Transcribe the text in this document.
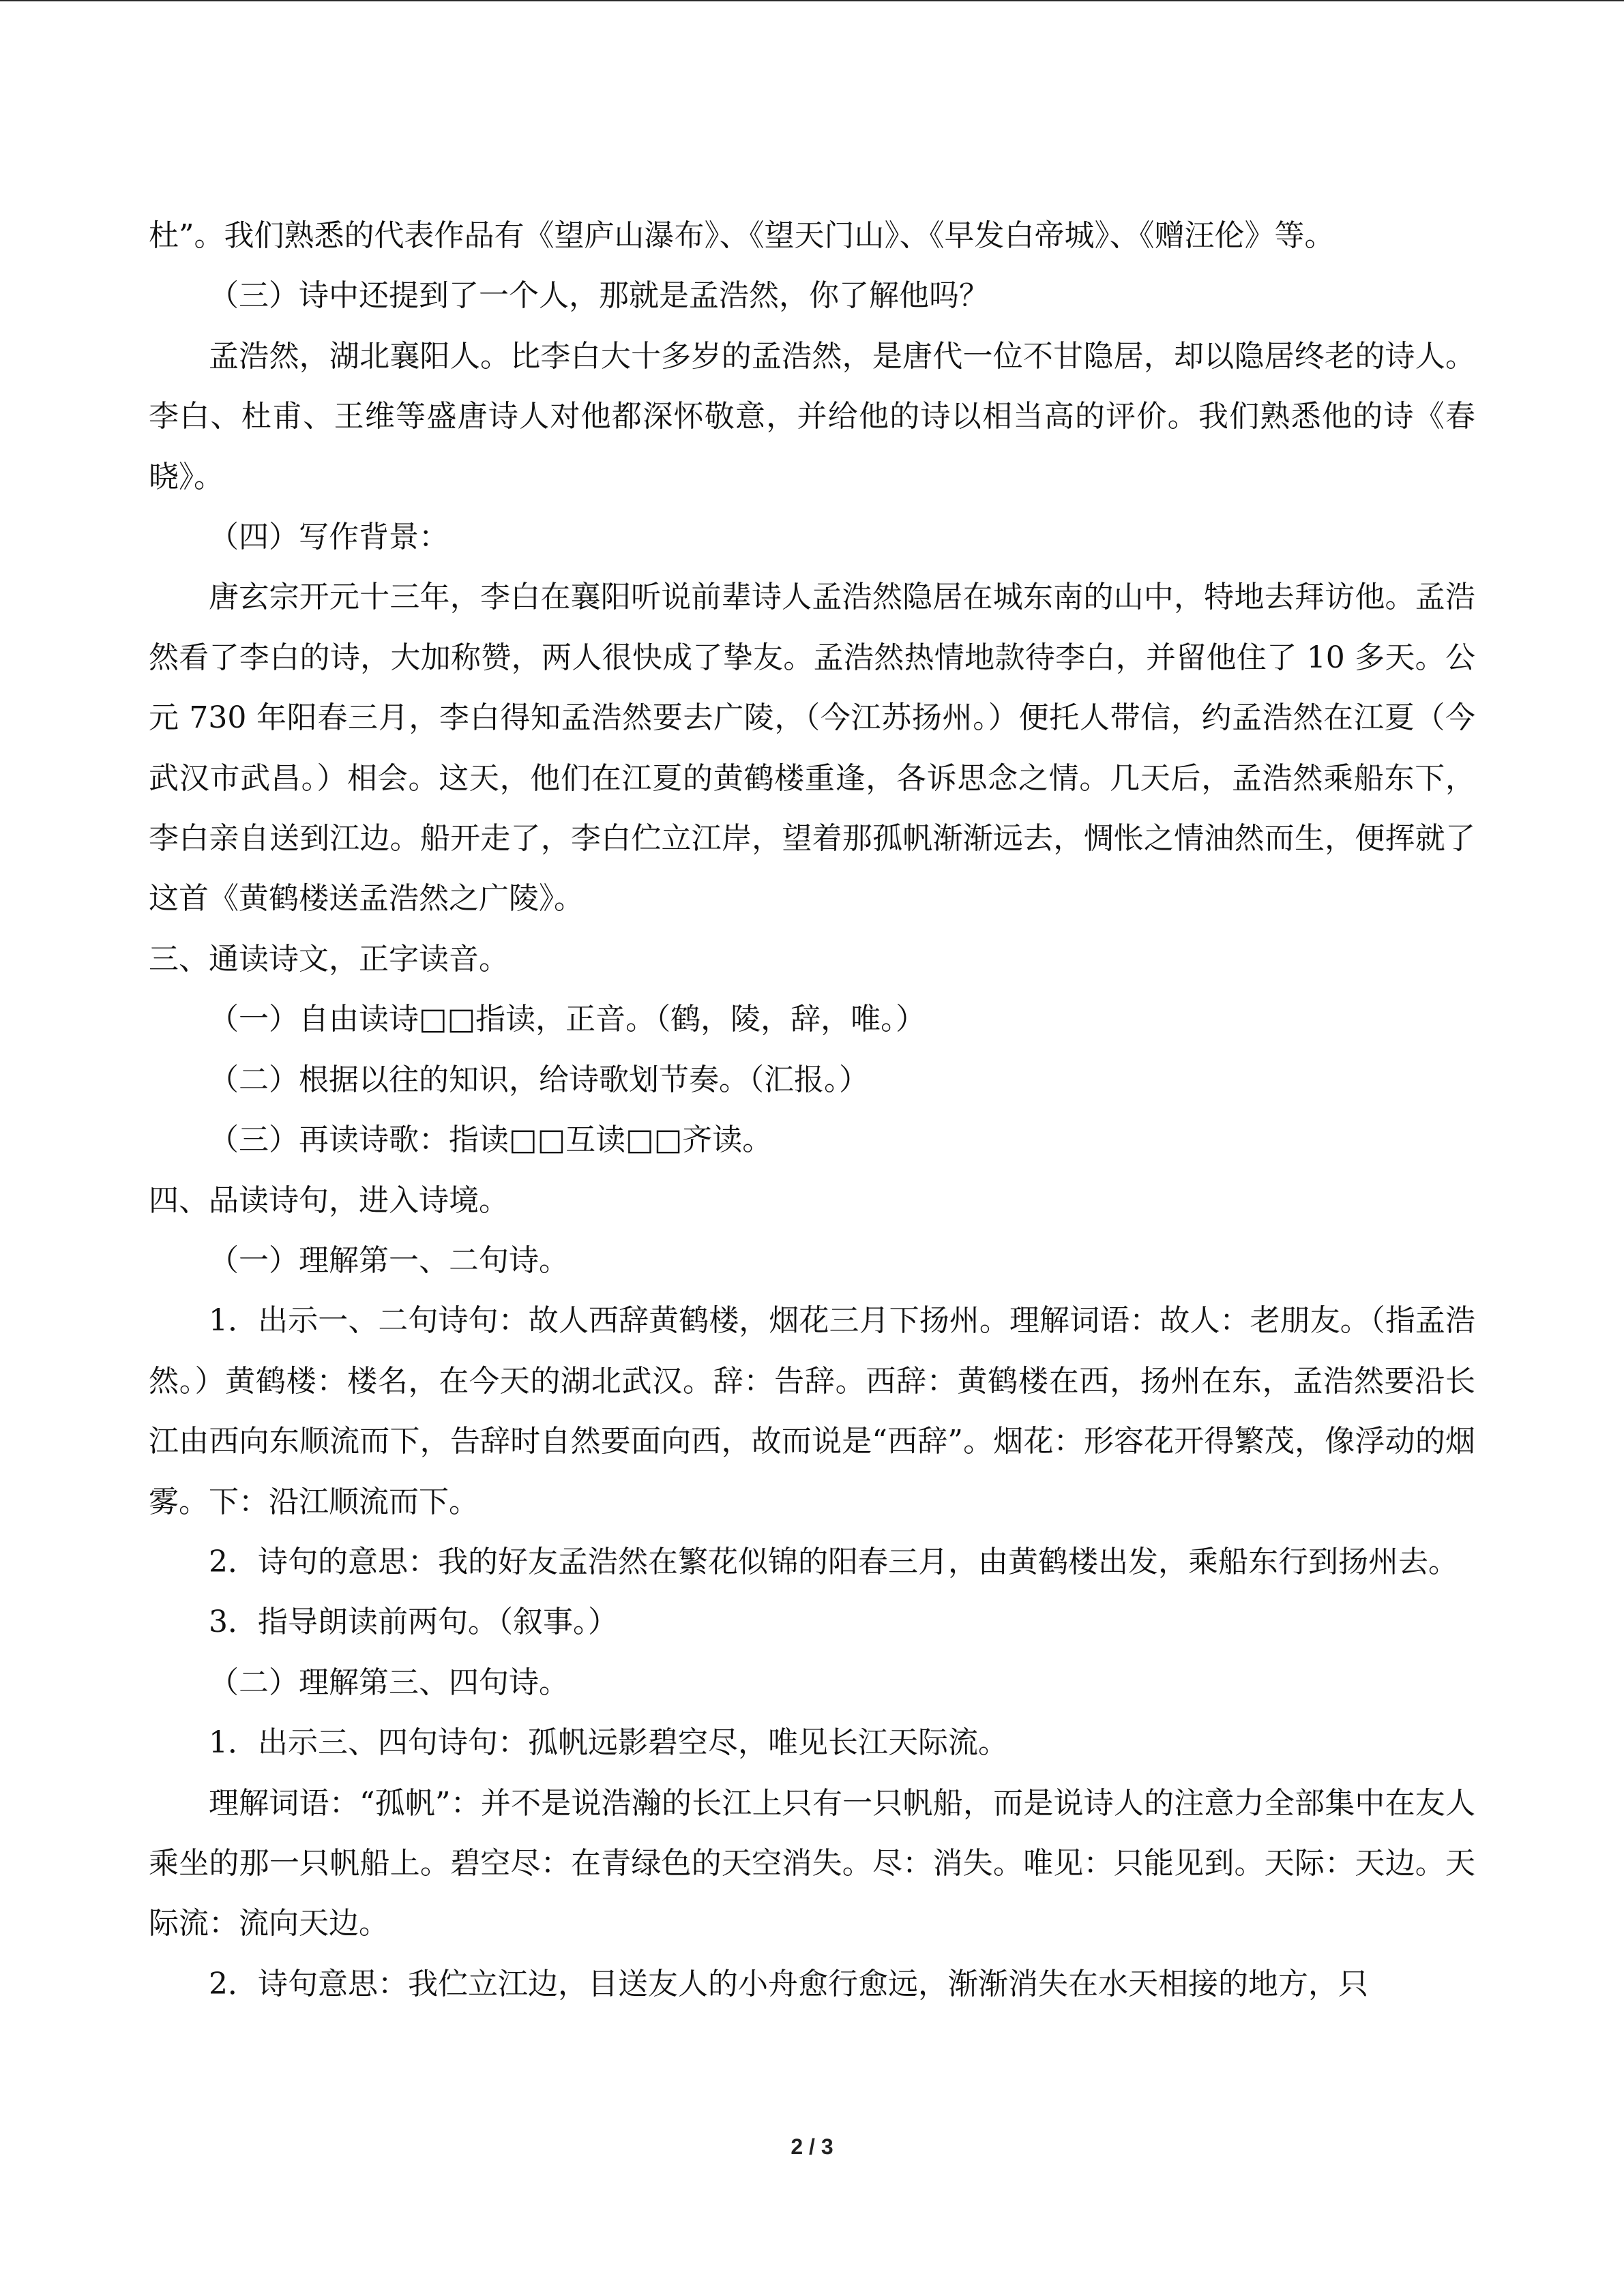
杜”。我们熟悉的代表作品有《望庐山瀑布》、《望天门山》、《早发白帝城》、《赠汪伦》等。

（三）诗中还提到了一个人，那就是孟浩然，你了解他吗？

孟浩然，湖北襄阳人。比李白大十多岁的孟浩然，是唐代一位不甘隐居，却以隐居终老的诗人。李白、杜甫、王维等盛唐诗人对他都深怀敬意，并给他的诗以相当高的评价。我们熟悉他的诗《春晓》。

（四）写作背景：

唐玄宗开元十三年，李白在襄阳听说前辈诗人孟浩然隐居在城东南的山中，特地去拜访他。孟浩然看了李白的诗，大加称赞，两人很快成了挚友。孟浩然热情地款待李白，并留他住了 10 多天。公元 730 年阳春三月，李白得知孟浩然要去广陵，（今江苏扬州。）便托人带信，约孟浩然在江夏（今武汉市武昌。）相会。这天，他们在江夏的黄鹤楼重逢，各诉思念之情。几天后，孟浩然乘船东下，李白亲自送到江边。船开走了，李白伫立江岸，望着那孤帆渐渐远去，惆怅之情油然而生，便挥就了这首《黄鹤楼送孟浩然之广陵》。

三、通读诗文，正字读音。

（一）自由读诗□□指读，正音。（鹤，陵，辞，唯。）

（二）根据以往的知识，给诗歌划节奏。（汇报。）

（三）再读诗歌：指读□□互读□□齐读。

四、品读诗句，进入诗境。

（一）理解第一、二句诗。

1．出示一、二句诗句：故人西辞黄鹤楼，烟花三月下扬州。理解词语：故人：老朋友。（指孟浩然。）黄鹤楼：楼名，在今天的湖北武汉。辞：告辞。西辞：黄鹤楼在西，扬州在东，孟浩然要沿长江由西向东顺流而下，告辞时自然要面向西，故而说是“西辞”。烟花：形容花开得繁茂，像浮动的烟雾。下：沿江顺流而下。

2．诗句的意思：我的好友孟浩然在繁花似锦的阳春三月，由黄鹤楼出发，乘船东行到扬州去。

3．指导朗读前两句。（叙事。）

（二）理解第三、四句诗。

1．出示三、四句诗句：孤帆远影碧空尽，唯见长江天际流。

理解词语：“孤帆”：并不是说浩瀚的长江上只有一只帆船，而是说诗人的注意力全部集中在友人乘坐的那一只帆船上。碧空尽：在青绿色的天空消失。尽：消失。唯见：只能见到。天际：天边。天际流：流向天边。

2．诗句意思：我伫立江边，目送友人的小舟愈行愈远，渐渐消失在水天相接的地方，只

2 / 3
